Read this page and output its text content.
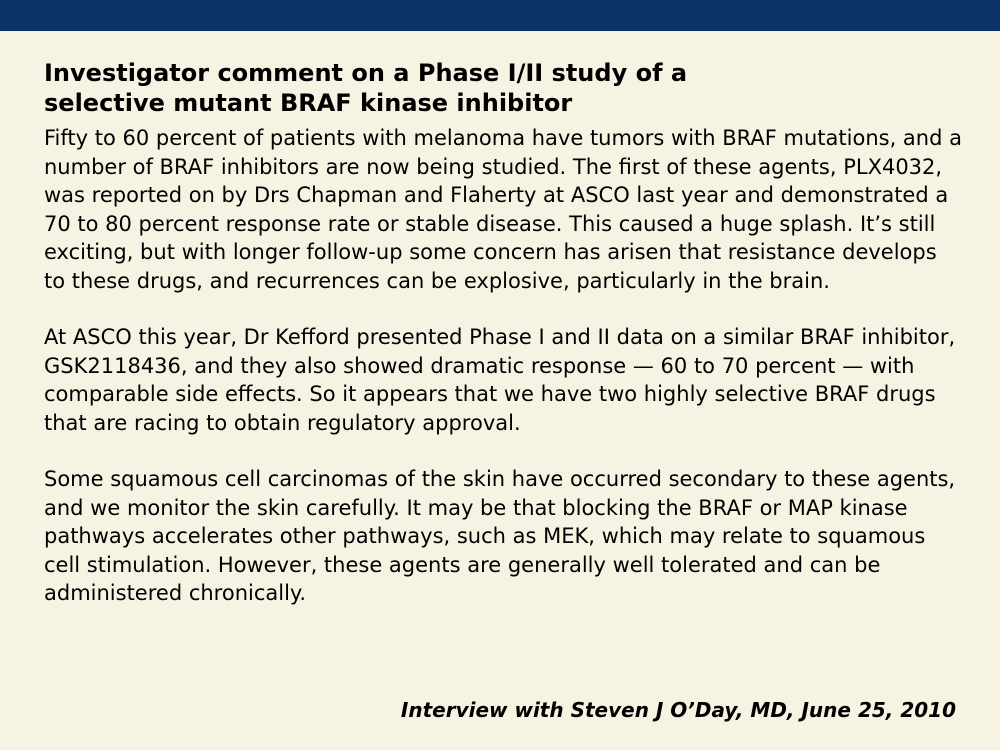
Investigator comment on a Phase I/II study of a
selective mutant BRAF kinase inhibitor

Fifty to 60 percent of patients with melanoma have tumors with BRAF mutations, and a number of BRAF inhibitors are now being studied. The first of these agents, PLX4032, was reported on by Drs Chapman and Flaherty at ASCO last year and demonstrated a 70 to 80 percent response rate or stable disease. This caused a huge splash. It’s still exciting, but with longer follow-up some concern has arisen that resistance develops to these drugs, and recurrences can be explosive, particularly in the brain.

At ASCO this year, Dr Kefford presented Phase I and II data on a similar BRAF inhibitor, GSK2118436, and they also showed dramatic response — 60 to 70 percent — with comparable side effects. So it appears that we have two highly selective BRAF drugs that are racing to obtain regulatory approval.

Some squamous cell carcinomas of the skin have occurred secondary to these agents, and we monitor the skin carefully. It may be that blocking the BRAF or MAP kinase pathways accelerates other pathways, such as MEK, which may relate to squamous cell stimulation. However, these agents are generally well tolerated and can be administered chronically.

Interview with Steven J O’Day, MD, June 25, 2010
